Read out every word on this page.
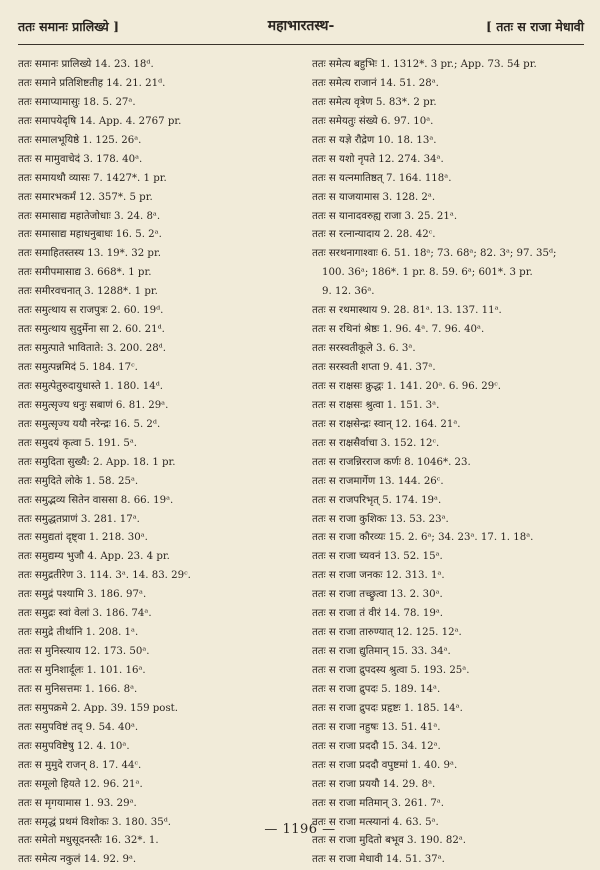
ततः समानः प्रालिख्ये ]	महाभारतस्थ-	[ ततः स राजा मेधावी
ततः समानः प्रालिख्ये 14. 23. 18ᵈ.
ततः समाने प्रतिशिष्टतीह 14. 21. 21ᵈ.
ततः समाप्यामासुः 18. 5. 27ᵃ.
ततः समापयेदृषि 14. App. 4. 2767 pr.
ततः समालभूयिष्ठे 1. 125. 26ᵃ.
ततः स मामुवाचेदं 3. 178. 40ᵃ.
ततः समायथौ व्यासः 7. 1427*. 1 pr.
ततः समारभकर्मं 12. 357*. 5 pr.
ततः समासाद्य महातेजोधाः 3. 24. 8ᵃ.
ततः समासाद्य महाधनुबाधः 16. 5. 2ᵃ.
ततः समाहितस्तस्य 13. 19*. 32 pr.
ततः समीपमासाद्य 3. 668*. 1 pr.
ततः समीरवचनात् 3. 1288*. 1 pr.
ततः समुत्थाय स राजपुत्रः 2. 60. 19ᵈ.
ततः समुत्थाय सुदुर्मेना सा 2. 60. 21ᵈ.
ततः समुत्पाते भाविताते: 3. 200. 28ᵈ.
ततः समुत्पन्नमिदं 5. 184. 17ᶜ.
ततः समुत्पेतुरुदायुधास्ते 1. 180. 14ᵈ.
ततः समुत्सृज्य धनुः सबाणं 6. 81. 29ᵃ.
ततः समुत्सृज्य ययौ नरेन्द्रः 16. 5. 2ᵈ.
ततः समुदयं कृत्वा 5. 191. 5ᵃ.
ततः समुदिता सुख्यै: 2. App. 18. 1 pr.
ततः समुदिते लोके 1. 58. 25ᵃ.
ततः समुद्भव्य सितेन वाससा 8. 66. 19ᵃ.
ततः समुद्धतप्राणं 3. 281. 17ᵃ.
ततः समुद्यतां दृष्ट्वा 1. 218. 30ᵃ.
ततः समुद्यम्य भुजौ 4. App. 23. 4 pr.
ततः समुद्रतीरेण 3. 114. 3ᵃ. 14. 83. 29ᶜ.
ततः समुद्रं पश्यामि 3. 186. 97ᵃ.
ततः समुद्रः स्वां वेलां 3. 186. 74ᵃ.
ततः समुद्रे तीर्थानि 1. 208. 1ᵃ.
ततः स मुनिस्त्याय 12. 173. 50ᵃ.
ततः स मुनिशार्दूलः 1. 101. 16ᵃ.
ततः स मुनिसत्तमः 1. 166. 8ᵃ.
ततः समुपक्रमे 2. App. 39. 159 post.
ततः समुपविष्टं तद् 9. 54. 40ᵃ.
ततः समुपविष्टेषु 12. 4. 10ᵃ.
ततः स मुमुदे राजन् 8. 17. 44ᶜ.
ततः समूलो हियते 12. 96. 21ᵃ.
ततः स मृगयामास 1. 93. 29ᵃ.
ततः समृद्धं प्रथमं विशोकः 3. 180. 35ᵈ.
ततः समेतो मधुसूदनस्तैः 16. 32*. 1.
ततः समेत्य नकुलं 14. 92. 9ᵃ.
ततः समेत्य बहुभिः 1. 1312*. 3 pr.; App. 73. 54 pr.
ततः समेत्य राजानं 14. 51. 28ᵃ.
ततः समेत्य वृत्रेण 5. 83*. 2 pr.
ततः समेयतुः संख्ये 6. 97. 10ᵃ.
ततः स यज्ञे रौद्रेण 10. 18. 13ᵃ.
ततः स यशो नृपते 12. 274. 34ᵃ.
ततः स यत्नमातिष्ठत् 7. 164. 118ᵃ.
ततः स याजयामास 3. 128. 2ᵃ.
ततः स यानादवरुह्य राजा 3. 25. 21ᵃ.
ततः स रत्नान्यादाय 2. 28. 42ᶜ.
ततः सरथनागाश्वाः 6. 51. 18ᵃ; 73. 68ᵃ; 82. 3ᵃ; 97. 35ᵈ;
100. 36ᵃ; 186*. 1 pr. 8. 59. 6ᵃ; 601*. 3 pr.
9. 12. 36ᵃ.
ततः स रथमास्थाय 9. 28. 81ᵃ. 13. 137. 11ᵃ.
ततः स रथिनां श्रेष्ठः 1. 96. 4ᵃ. 7. 96. 40ᵃ.
ततः सरस्वतीकूले 3. 6. 3ᵃ.
ततः सरस्वती शप्ता 9. 41. 37ᵃ.
ततः स राक्षसः क्रुद्धः 1. 141. 20ᵃ. 6. 96. 29ᶜ.
ततः स राक्षसः श्रुत्वा 1. 151. 3ᵃ.
ततः स राक्षसेन्द्रः स्वान् 12. 164. 21ᵃ.
ततः स राक्षसैर्वाचा 3. 152. 12ᶜ.
ततः स राजन्निरराज कर्णः 8. 1046*. 23.
ततः स राजमार्गेण 13. 144. 26ᶜ.
ततः स राजपरिभृत् 5. 174. 19ᵃ.
ततः स राजा कुशिकः 13. 53. 23ᵃ.
ततः स राजा कौरव्यः 15. 2. 6ᵃ; 34. 23ᵃ. 17. 1. 18ᵃ.
ततः स राजा च्यवनं 13. 52. 15ᵃ.
ततः स राजा जनकः 12. 313. 1ᵃ.
ततः स राजा तच्छ्रुत्वा 13. 2. 30ᵃ.
ततः स राजा तं वीरं 14. 78. 19ᵃ.
ततः स राजा तारुण्यात् 12. 125. 12ᵃ.
ततः स राजा द्युतिमान् 15. 33. 34ᵃ.
ततः स राजा द्रुपदस्य श्रुत्वा 5. 193. 25ᵃ.
ततः स राजा द्रुपदः 5. 189. 14ᵃ.
ततः स राजा द्रुपदः प्रहृष्टः 1. 185. 14ᵃ.
ततः स राजा नहुषः 13. 51. 41ᵃ.
ततः स राजा प्रददौ 15. 34. 12ᵃ.
ततः स राजा प्रददौ वपुष्टमां 1. 40. 9ᵃ.
ततः स राजा प्रययौ 14. 29. 8ᵃ.
ततः स राजा मतिमान् 3. 261. 7ᵃ.
ततः स राजा मत्स्यानां 4. 63. 5ᵃ.
ततः स राजा मुदितो बभूव 3. 190. 82ᵃ.
ततः स राजा मेधावी 14. 51. 37ᵃ.
— 1196 —
